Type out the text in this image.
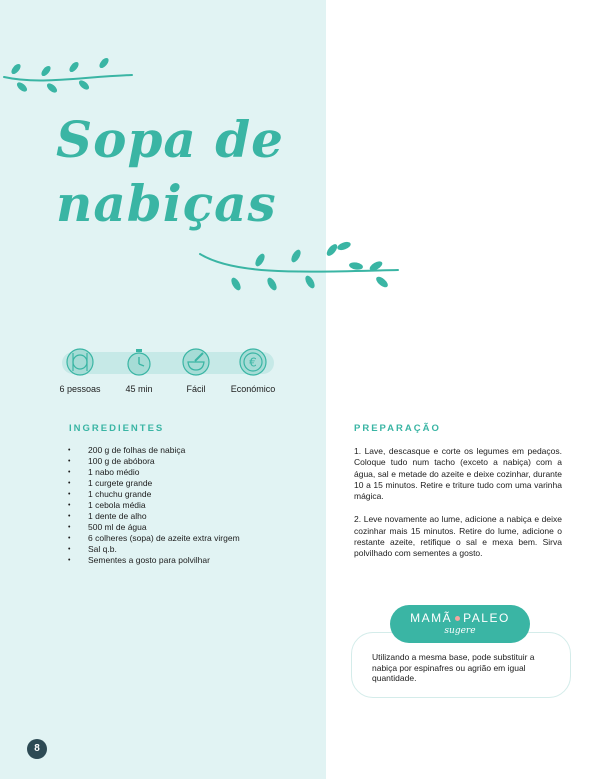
Sopa de
nabiças
€
6 pessoas	45 min	Fácil	Económico
INGREDIENTES
• 200 g de folhas de nabiça
• 100 g de abóbora
• 1 nabo médio
• 1 curgete grande
• 1 chuchu grande
• 1 cebola média
• 1 dente de alho
• 500 ml de água
• 6 colheres (sopa) de azeite extra virgem
• Sal q.b.
• Sementes a gosto para polvilhar
PREPARAÇÃO

1. Lave, descasque e corte os legumes em pedaços. Coloque tudo num tacho (exceto a nabiça) com a água, sal e metade do azeite e deixe cozinhar, durante 10 a 15 minutos. Retire e triture tudo com uma varinha mágica.

2. Leve novamente ao lume, adicione a nabiça e deixe cozinhar mais 15 minutos. Retire do lume, adicione o restante azeite, retifique o sal e mexa bem. Sirva polvilhado com sementes a gosto.

Utilizando a mesma base, pode substituir a nabiça por espinafres ou agrião em igual quantidade.
MAMÃ PALEO
sugere
8
